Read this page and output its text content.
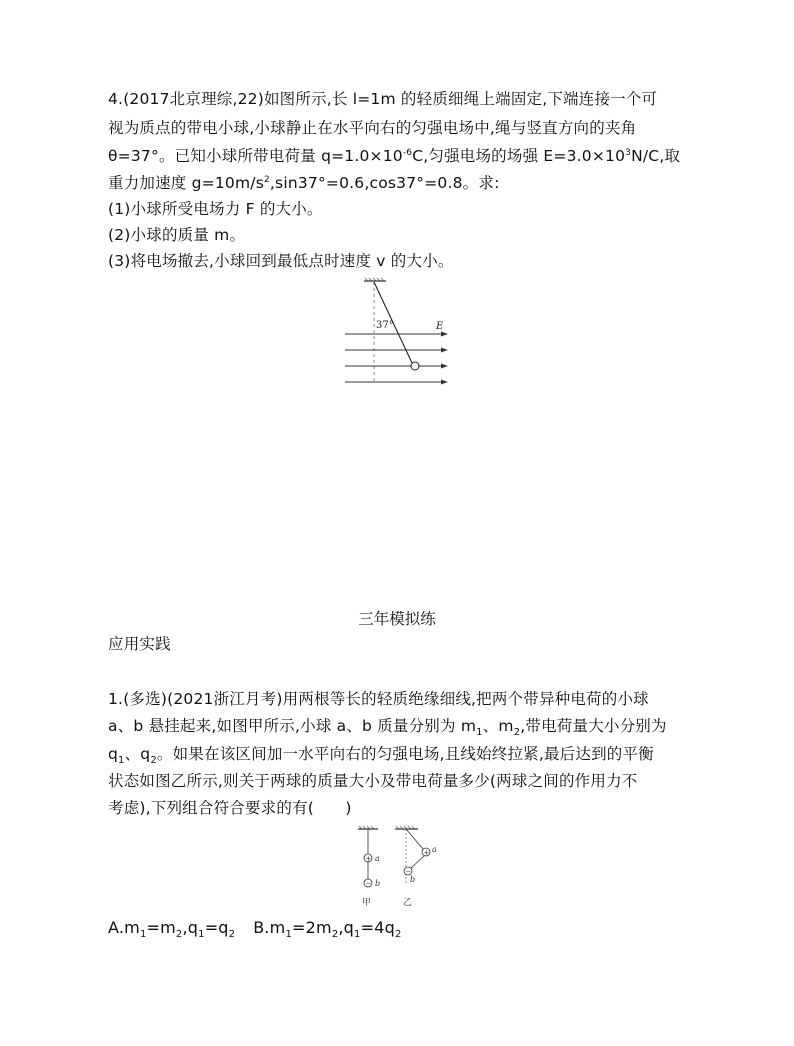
4.(2017北京理综,22)如图所示,长 l=1m 的轻质细绳上端固定,下端连接一个可
视为质点的带电小球,小球静止在水平向右的匀强电场中,绳与竖直方向的夹角
θ=37°。已知小球所带电荷量 $q=1.0\times 10^{-6}C$,匀强电场的场强 $E=3.0\times 10^3N/C$,取
重力加速度 $g=10m/s^2,\sin 37^\circ=0.6,\cos 37^\circ=0.8$。求:
(1)小球所受电场力 F 的大小。
(2)小球的质量 m。
(3)将电场撤去,小球回到最低点时速度 v 的大小。
37°	E
三年模拟练
应用实践
1.(多选)(2021浙江月考)用两根等长的轻质绝缘细线,把两个带异种电荷的小球
a、b 悬挂起来,如图甲所示,小球 a、b 质量分别为 $m_1$、$m_2$,带电荷量大小分别为
$q_1$、$q_2$。如果在该区间加一水平向右的匀强电场,且线始终拉紧,最后达到的平衡
状态如图乙所示,则关于两球的质量大小及带电荷量多少(两球之间的作用力不
考虑),下列组合符合要求的有(　　)
+ a
− b
甲
+ a
−
b
乙
$A.m_1=m_2,q_1=q_2$ $B.m_1=2m_2,q_1=4q_2$
